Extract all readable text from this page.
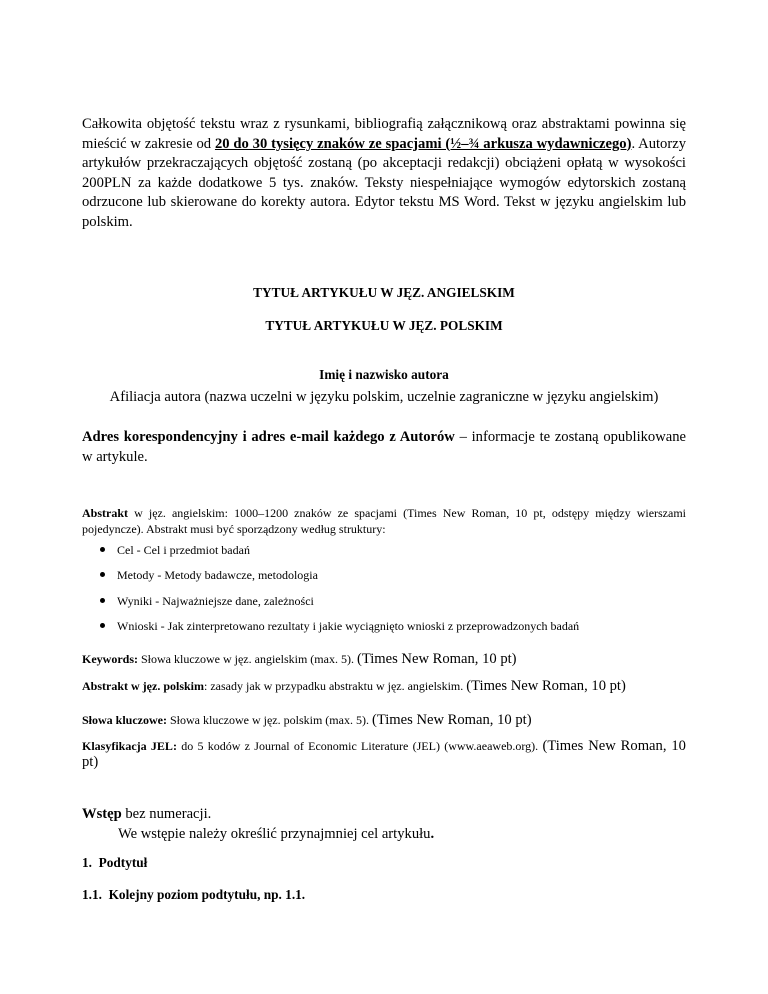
Całkowita objętość tekstu wraz z rysunkami, bibliografią załącznikową oraz abstraktami powinna się mieścić w zakresie od 20 do 30 tysięcy znaków ze spacjami (½–¾ arkusza wydawniczego). Autorzy artykułów przekraczających objętość zostaną (po akceptacji redakcji) obciążeni opłatą w wysokości 200PLN za każde dodatkowe 5 tys. znaków. Teksty niespełniające wymogów edytorskich zostaną odrzucone lub skierowane do korekty autora. Edytor tekstu MS Word. Tekst w języku angielskim lub polskim.
TYTUŁ ARTYKUŁU W JĘZ. ANGIELSKIM
TYTUŁ ARTYKUŁU W JĘZ. POLSKIM
Imię i nazwisko autora
Afiliacja autora (nazwa uczelni w języku polskim, uczelnie zagraniczne w języku angielskim)
Adres korespondencyjny i adres e-mail każdego z Autorów – informacje te zostaną opublikowane w artykule.
Abstrakt w jęz. angielskim: 1000–1200 znaków ze spacjami (Times New Roman, 10 pt, odstępy między wierszami pojedyncze). Abstrakt musi być sporządzony według struktury:
Cel - Cel i przedmiot badań
Metody - Metody badawcze, metodologia
Wyniki - Najważniejsze dane, zależności
Wnioski - Jak zinterpretowano rezultaty i jakie wyciągnięto wnioski z przeprowadzonych badań
Keywords: Słowa kluczowe w jęz. angielskim (max. 5). (Times New Roman, 10 pt)
Abstrakt w jęz. polskim: zasady jak w przypadku abstraktu w jęz. angielskim. (Times New Roman, 10 pt)
Słowa kluczowe: Słowa kluczowe w jęz. polskim (max. 5). (Times New Roman, 10 pt)
Klasyfikacja JEL: do 5 kodów z Journal of Economic Literature (JEL) (www.aeaweb.org). (Times New Roman, 10 pt)
Wstęp bez numeracji.
We wstępie należy określić przynajmniej cel artykułu.
1.  Podtytuł
1.1.  Kolejny poziom podtytułu, np. 1.1.
